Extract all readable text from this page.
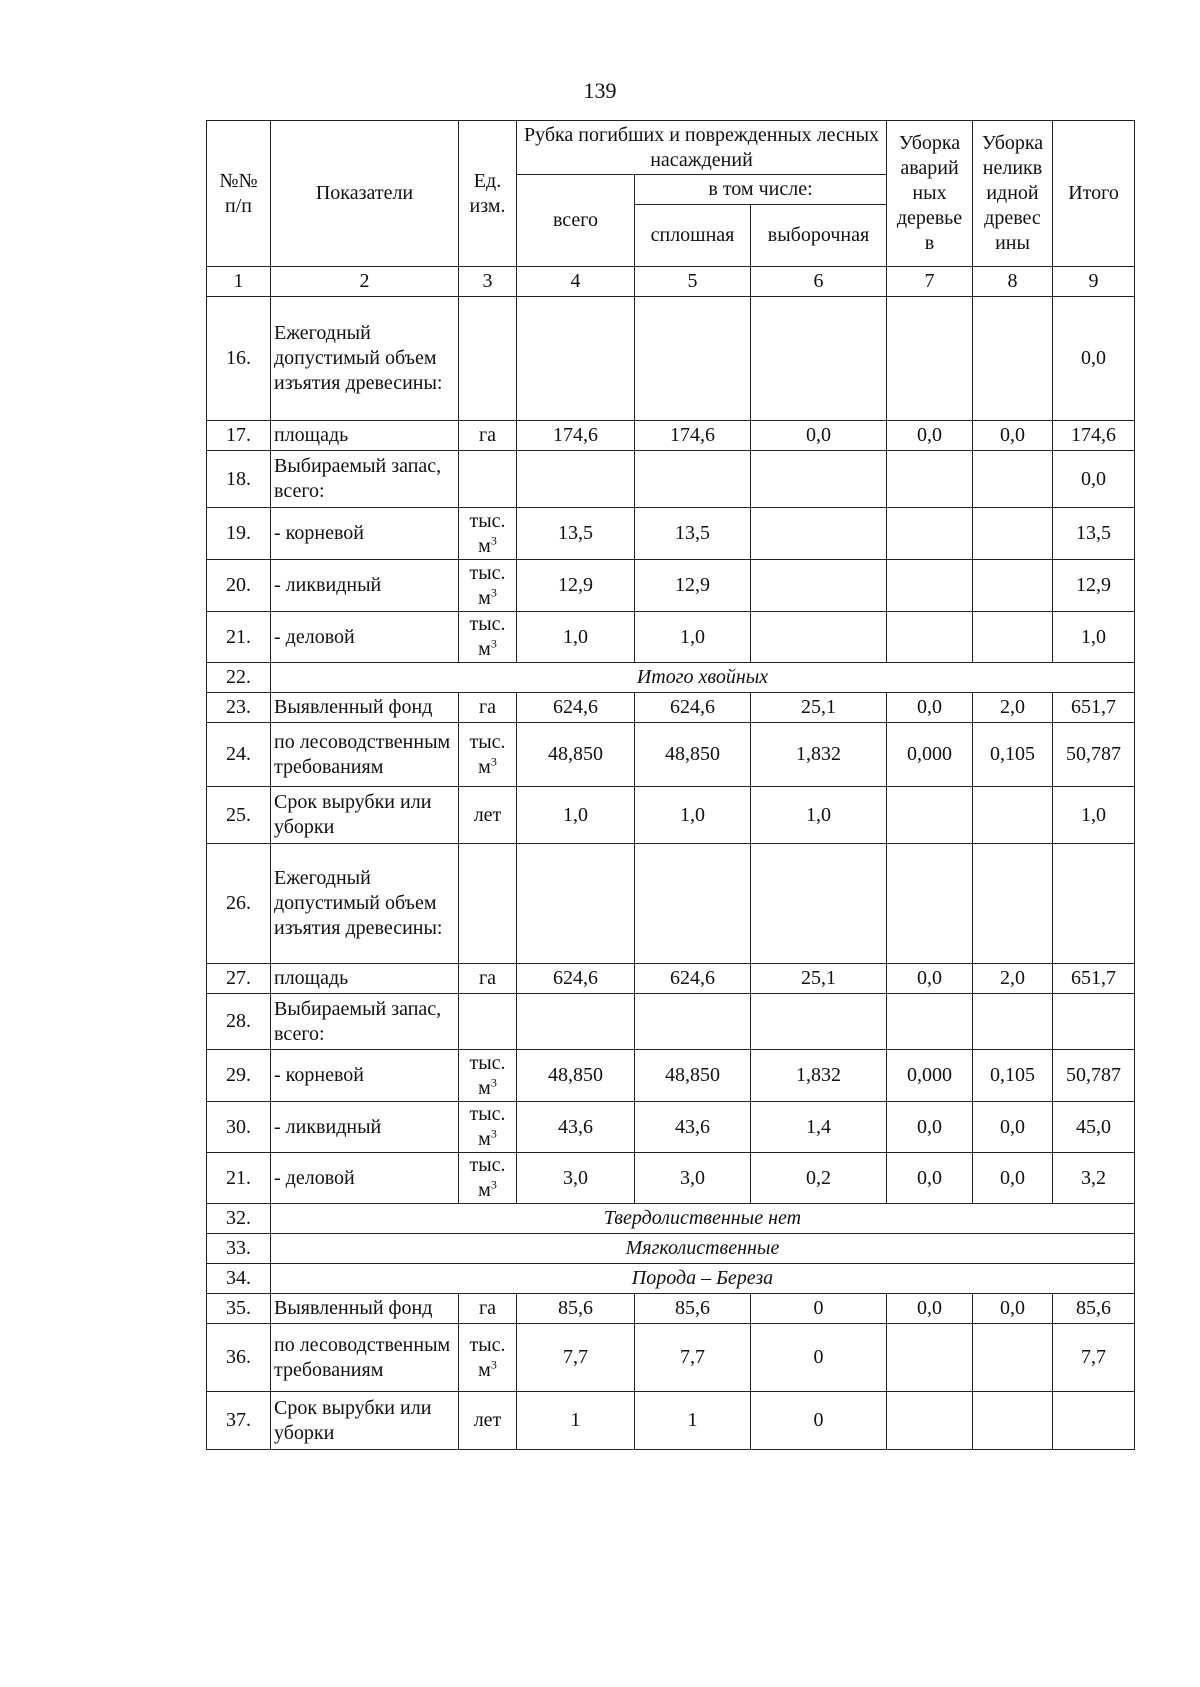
139
№№ п/п	Показатели	Ед. изм.	Рубка погибших и поврежденных лесных насаждений			Уборка аварий ных деревье в	Уборка неликв идной древес ины	Итого
			всего	в том числе:				
				сплошная	выборочная			
1	2	3	4	5	6	7	8	9
16.	Ежегодный допустимый объем изъятия древесины:							0,0
17.	площадь	га	174,6	174,6	0,0	0,0	0,0	174,6
18.	Выбираемый запас, всего:							0,0
19.	- корневой	тыс. $м^3$	13,5	13,5				13,5
20.	- ликвидный	тыс. $м^3$	12,9	12,9				12,9
21.	- деловой	тыс. $м^3$	1,0	1,0				1,0
22.	Итого хвойных							
23.	Выявленный фонд	га	624,6	624,6	25,1	0,0	2,0	651,7
24.	по лесоводственным требованиям	тыс. $м^3$	48,850	48,850	1,832	0,000	0,105	50,787
25.	Срок вырубки или уборки	лет	1,0	1,0	1,0			1,0
26.	Ежегодный допустимый объем изъятия древесины:							
27.	площадь	га	624,6	624,6	25,1	0,0	2,0	651,7
28.	Выбираемый запас, всего:							
29.	- корневой	тыс. $м^3$	48,850	48,850	1,832	0,000	0,105	50,787
30.	- ликвидный	тыс. $м^3$	43,6	43,6	1,4	0,0	0,0	45,0
21.	- деловой	тыс. $м^3$	3,0	3,0	0,2	0,0	0,0	3,2
32.	Твердолиственные нет							
33.	Мягколиственные							
34.	Порода – Береза							
35.	Выявленный фонд	га	85,6	85,6	0	0,0	0,0	85,6
36.	по лесоводственным требованиям	тыс. $м^3$	7,7	7,7	0			7,7
37.	Срок вырубки или уборки	лет	1	1	0			
